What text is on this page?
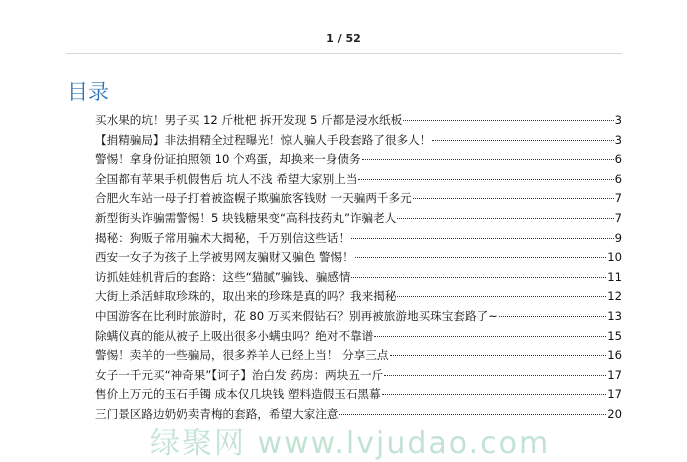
1 / 52
目录
买水果的坑！男子买 12 斤枇杷 拆开发现 5 斤都是浸水纸板	3
【捐精骗局】非法捐精全过程曝光！惊人骗人手段套路了很多人！	3
警惕！拿身份证拍照领 10 个鸡蛋，却换来一身债务	6
全国都有苹果手机假售后 坑人不浅 希望大家别上当	6
合肥火车站一母子打着被盗幌子欺骗旅客钱财 一天骗两千多元	7
新型街头诈骗需警惕！5 块钱糖果变“高科技药丸”诈骗老人	7
揭秘：狗贩子常用骗术大揭秘，千万别信这些话！	9
西安一女子为孩子上学被男网友骗财又骗色 警惕！	10
访抓娃娃机背后的套路：这些“猫腻”骗钱、骗感情	11
大街上杀活蚌取珍珠的，取出来的珍珠是真的吗？我来揭秘	12
中国游客在比利时旅游时，花 80 万买来假钻石？别再被旅游地买珠宝套路了~	13
除螨仪真的能从被子上吸出很多小螨虫吗？绝对不靠谱	15
警惕！卖羊的一些骗局，很多养羊人已经上当！ 分享三点	16
女子一千元买“神奇果”【诃子】治白发 药房：两块五一斤	17
售价上万元的玉石手镯 成本仅几块钱 塑料造假玉石黑幕	17
三门景区路边奶奶卖青梅的套路，希望大家注意	20
绿聚网 www.lvjudao.com
